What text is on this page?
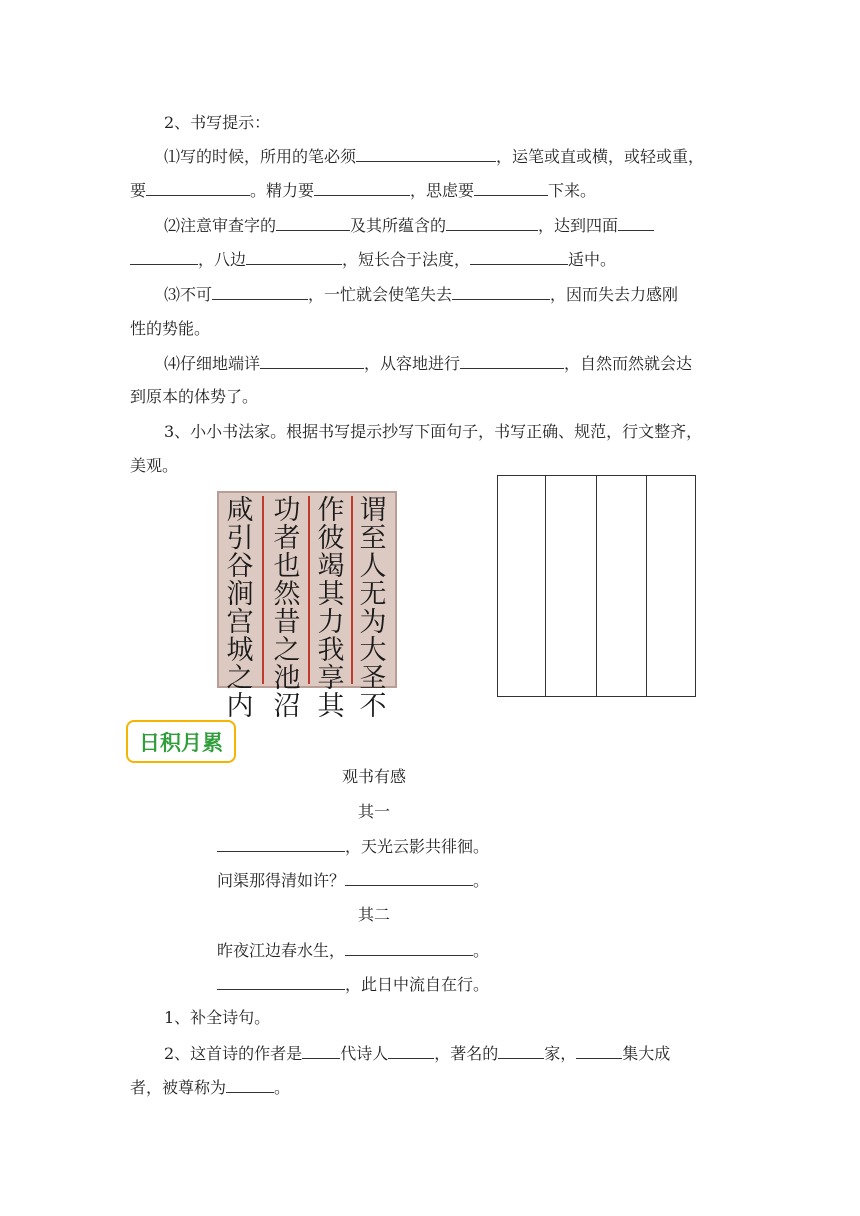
2、书写提示：
⑴写的时候，所用的笔必须	，运笔或直或横，或轻或重，
要	。精力要	，思虑要	下来。
⑵注意审查字的	及其所蕴含的	，达到四面
，八边	，短长合于法度，	适中。
⑶不可	，一忙就会使笔失去	，因而失去力感刚
性的势能。
⑷仔细地端详	，从容地进行	，自然而然就会达
到原本的体势了。
3、小小书法家。根据书写提示抄写下面句子，书写正确、规范，行文整齐，
美观。
咸
引
谷
涧
宫
城
之
内
功
者
也
然
昔
之
池
沼
作
彼
竭
其
力
我
享
其
谓
至
人
无
为
大
圣
不
日积月累
观书有感
其一
，天光云影共徘徊。
问渠那得清如许？	。
其二
昨夜江边春水生，	。
，此日中流自在行。
1、补全诗句。
2、这首诗的作者是 代诗人	，著名的	家，	集大成
者，被尊称为	。
